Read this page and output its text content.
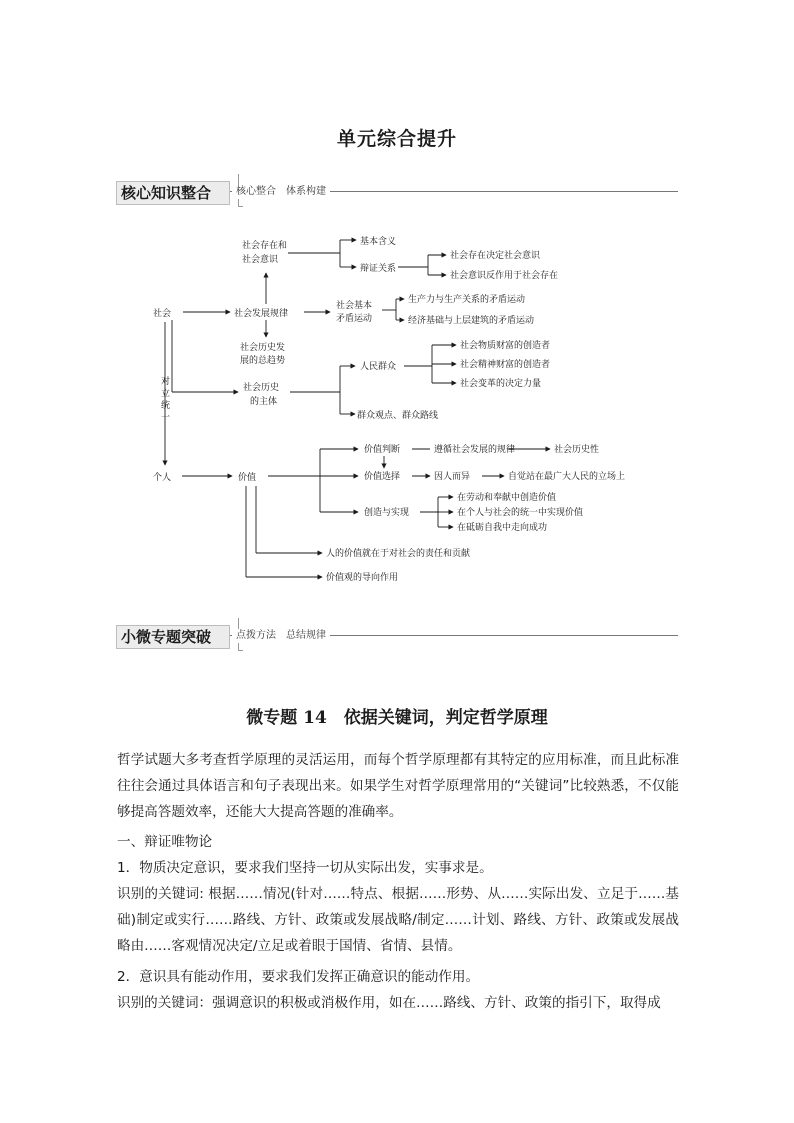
单元综合提升
核心知识整合	核心整合　体系构建
社会
对
立
统
一
个人
社会存在和
社会意识
基本含义
辩证关系
社会存在决定社会意识
社会意识反作用于社会存在
社会发展规律
社会基本
矛盾运动
生产力与生产关系的矛盾运动
经济基础与上层建筑的矛盾运动
社会历史发
展的总趋势
社会历史
的主体
人民群众
社会物质财富的创造者
社会精神财富的创造者
社会变革的决定力量
群众观点、群众路线
价值
价值判断	遵循社会发展的规律	社会历史性
价值选择	因人而异	自觉站在最广大人民的立场上
创造与实现
在劳动和奉献中创造价值
在个人与社会的统一中实现价值
在砥砺自我中走向成功
人的价值就在于对社会的责任和贡献
价值观的导向作用
小微专题突破	点拨方法　总结规律
微专题 14　依据关键词，判定哲学原理
哲学试题大多考查哲学原理的灵活运用，而每个哲学原理都有其特定的应用标准，而且此标准往往会通过具体语言和句子表现出来。如果学生对哲学原理常用的“关键词”比较熟悉，不仅能够提高答题效率，还能大大提高答题的准确率。
一、辩证唯物论
1．物质决定意识，要求我们坚持一切从实际出发，实事求是。
识别的关键词: 根据……情况(针对……特点、根据……形势、从……实际出发、立足于……基础)制定或实行……路线、方针、政策或发展战略/制定……计划、路线、方针、政策或发展战略由……客观情况决定/立足或着眼于国情、省情、县情。
2．意识具有能动作用，要求我们发挥正确意识的能动作用。
识别的关键词：强调意识的积极或消极作用，如在……路线、方针、政策的指引下，取得成
